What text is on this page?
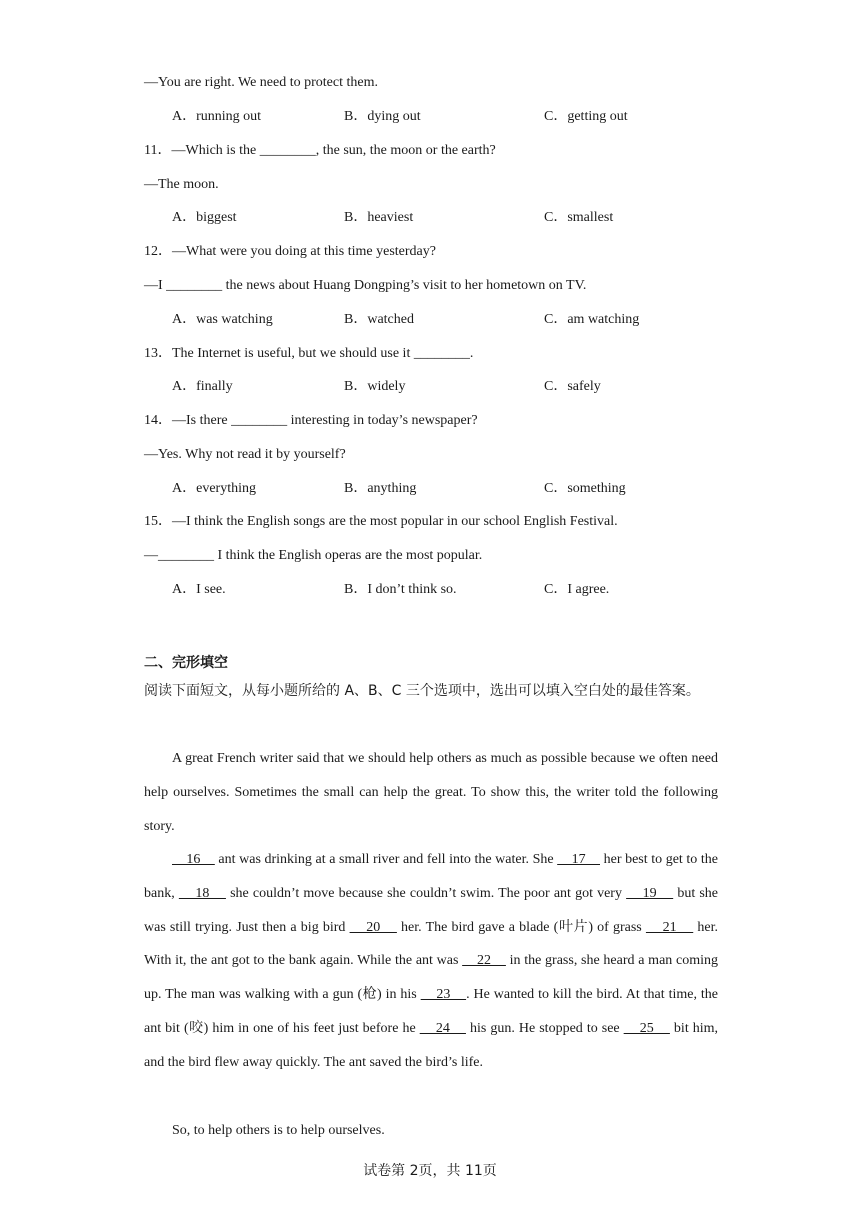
—You are right. We need to protect them.
A．running out	B．dying out	C．getting out
11．—Which is the ________, the sun, the moon or the earth?
—The moon.
A．biggest	B．heaviest	C．smallest
12．—What were you doing at this time yesterday?
—I ________ the news about Huang Dongping’s visit to her hometown on TV.
A．was watching	B．watched	C．am watching
13．The Internet is useful, but we should use it ________.
A．finally	B．widely	C．safely
14．—Is there ________ interesting in today’s newspaper?
—Yes. Why not read it by yourself?
A．everything	B．anything	C．something
15．—I think the English songs are the most popular in our school English Festival.
—________ I think the English operas are the most popular.
A．I see.	B．I don’t think so.	C．I agree.
二、完形填空
阅读下面短文，从每小题所给的 A、B、C 三个选项中，选出可以填入空白处的最佳答案。
A great French writer said that we should help others as much as possible because we often need help ourselves. Sometimes the small can help the great. To show this, the writer told the following story.
16     ant was drinking at a small river and fell into the water. She     17     her best to get to the bank,     18     she couldn’t move because she couldn’t swim. The poor ant got very     19     but she was still trying. Just then a big bird     20     her. The bird gave a blade (叶片) of grass     21     her. With it, the ant got to the bank again. While the ant was     22     in the grass, she heard a man coming up. The man was walking with a gun (枪) in his     23    . He wanted to kill the bird. At that time, the ant bit (咬) him in one of his feet just before he     24     his gun. He stopped to see     25     bit him, and the bird flew away quickly. The ant saved the bird’s life.
So, to help others is to help ourselves.
试卷第 2页，共 11页
